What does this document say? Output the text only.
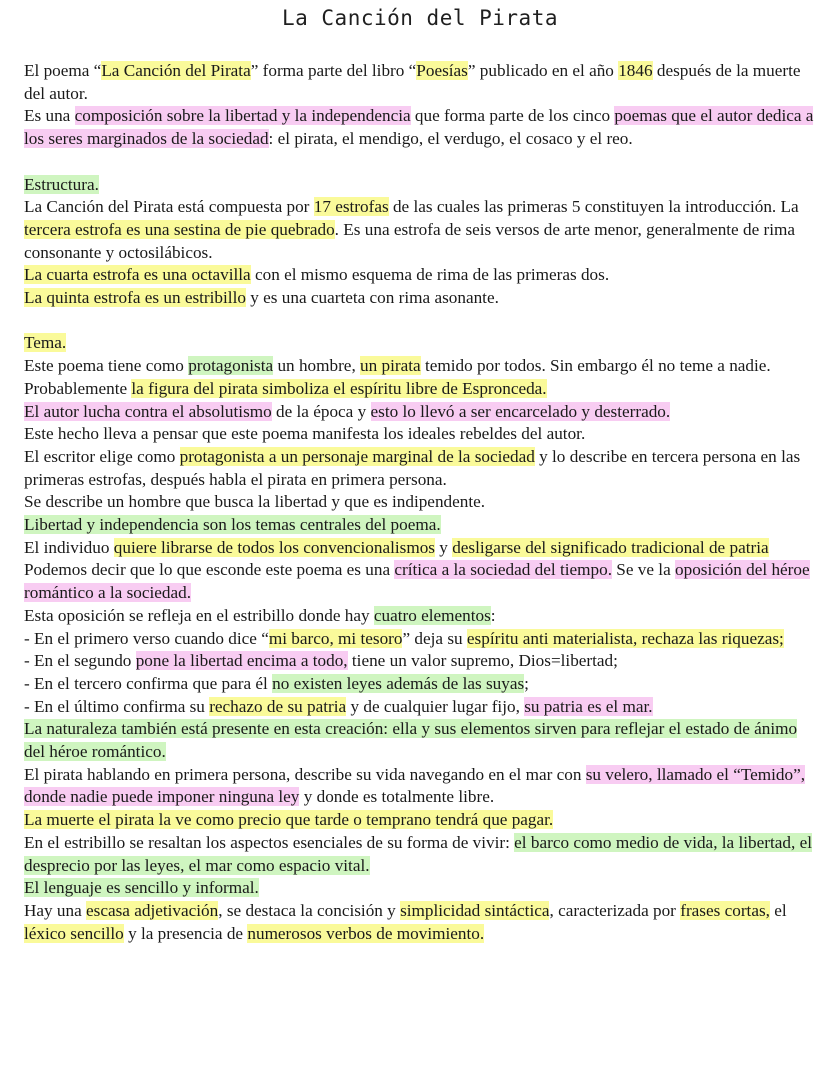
La Canción del Pirata

El poema “La Canción del Pirata” forma parte del libro “Poesías” publicado en el año 1846 después de la muerte del autor.

Es una composición sobre la libertad y la independencia que forma parte de los cinco poemas que el autor dedica a los seres marginados de la sociedad: el pirata, el mendigo, el verdugo, el cosaco y el reo.

Estructura.

La Canción del Pirata está compuesta por 17 estrofas de las cuales las primeras 5 constituyen la introducción. La tercera estrofa es una sestina de pie quebrado. Es una estrofa de seis versos de arte menor, generalmente de rima consonante y octosilábicos.

La cuarta estrofa es una octavilla con el mismo esquema de rima de las primeras dos.

La quinta estrofa es un estribillo y es una cuarteta con rima asonante.

Tema.

Este poema tiene como protagonista un hombre, un pirata temido por todos. Sin embargo él no teme a nadie. Probablemente la figura del pirata simboliza el espíritu libre de Espronceda.

El autor lucha contra el absolutismo de la época y esto lo llevó a ser encarcelado y desterrado.

Este hecho lleva a pensar que este poema manifesta los ideales rebeldes del autor.

El escritor elige como protagonista a un personaje marginal de la sociedad y lo describe en tercera persona en las primeras estrofas, después habla el pirata en primera persona.

Se describe un hombre que busca la libertad y que es indipendente.

Libertad y independencia son los temas centrales del poema.

El individuo quiere librarse de todos los convencionalismos y desligarse del significado tradicional de patria

Podemos decir que lo que esconde este poema es una crítica a la sociedad del tiempo. Se ve la oposición del héroe romántico a la sociedad.

Esta oposición se refleja en el estribillo donde hay cuatro elementos:

- En el primero verso cuando dice “mi barco, mi tesoro” deja su espíritu anti materialista, rechaza las riquezas;

- En el segundo pone la libertad encima a todo, tiene un valor supremo, Dios=libertad;

- En el tercero confirma que para él no existen leyes además de las suyas;

- En el último confirma su rechazo de su patria y de cualquier lugar fijo, su patria es el mar.

La naturaleza también está presente en esta creación: ella y sus elementos sirven para reflejar el estado de ánimo del héroe romántico.

El pirata hablando en primera persona, describe su vida navegando en el mar con su velero, llamado el “Temido”, donde nadie puede imponer ninguna ley y donde es totalmente libre.

La muerte el pirata la ve como precio que tarde o temprano tendrá que pagar.

En el estribillo se resaltan los aspectos esenciales de su forma de vivir: el barco como medio de vida, la libertad, el desprecio por las leyes, el mar como espacio vital.

El lenguaje es sencillo y informal.

Hay una escasa adjetivación, se destaca la concisión y simplicidad sintáctica, caracterizada por frases cortas, el léxico sencillo y la presencia de numerosos verbos de movimiento.
